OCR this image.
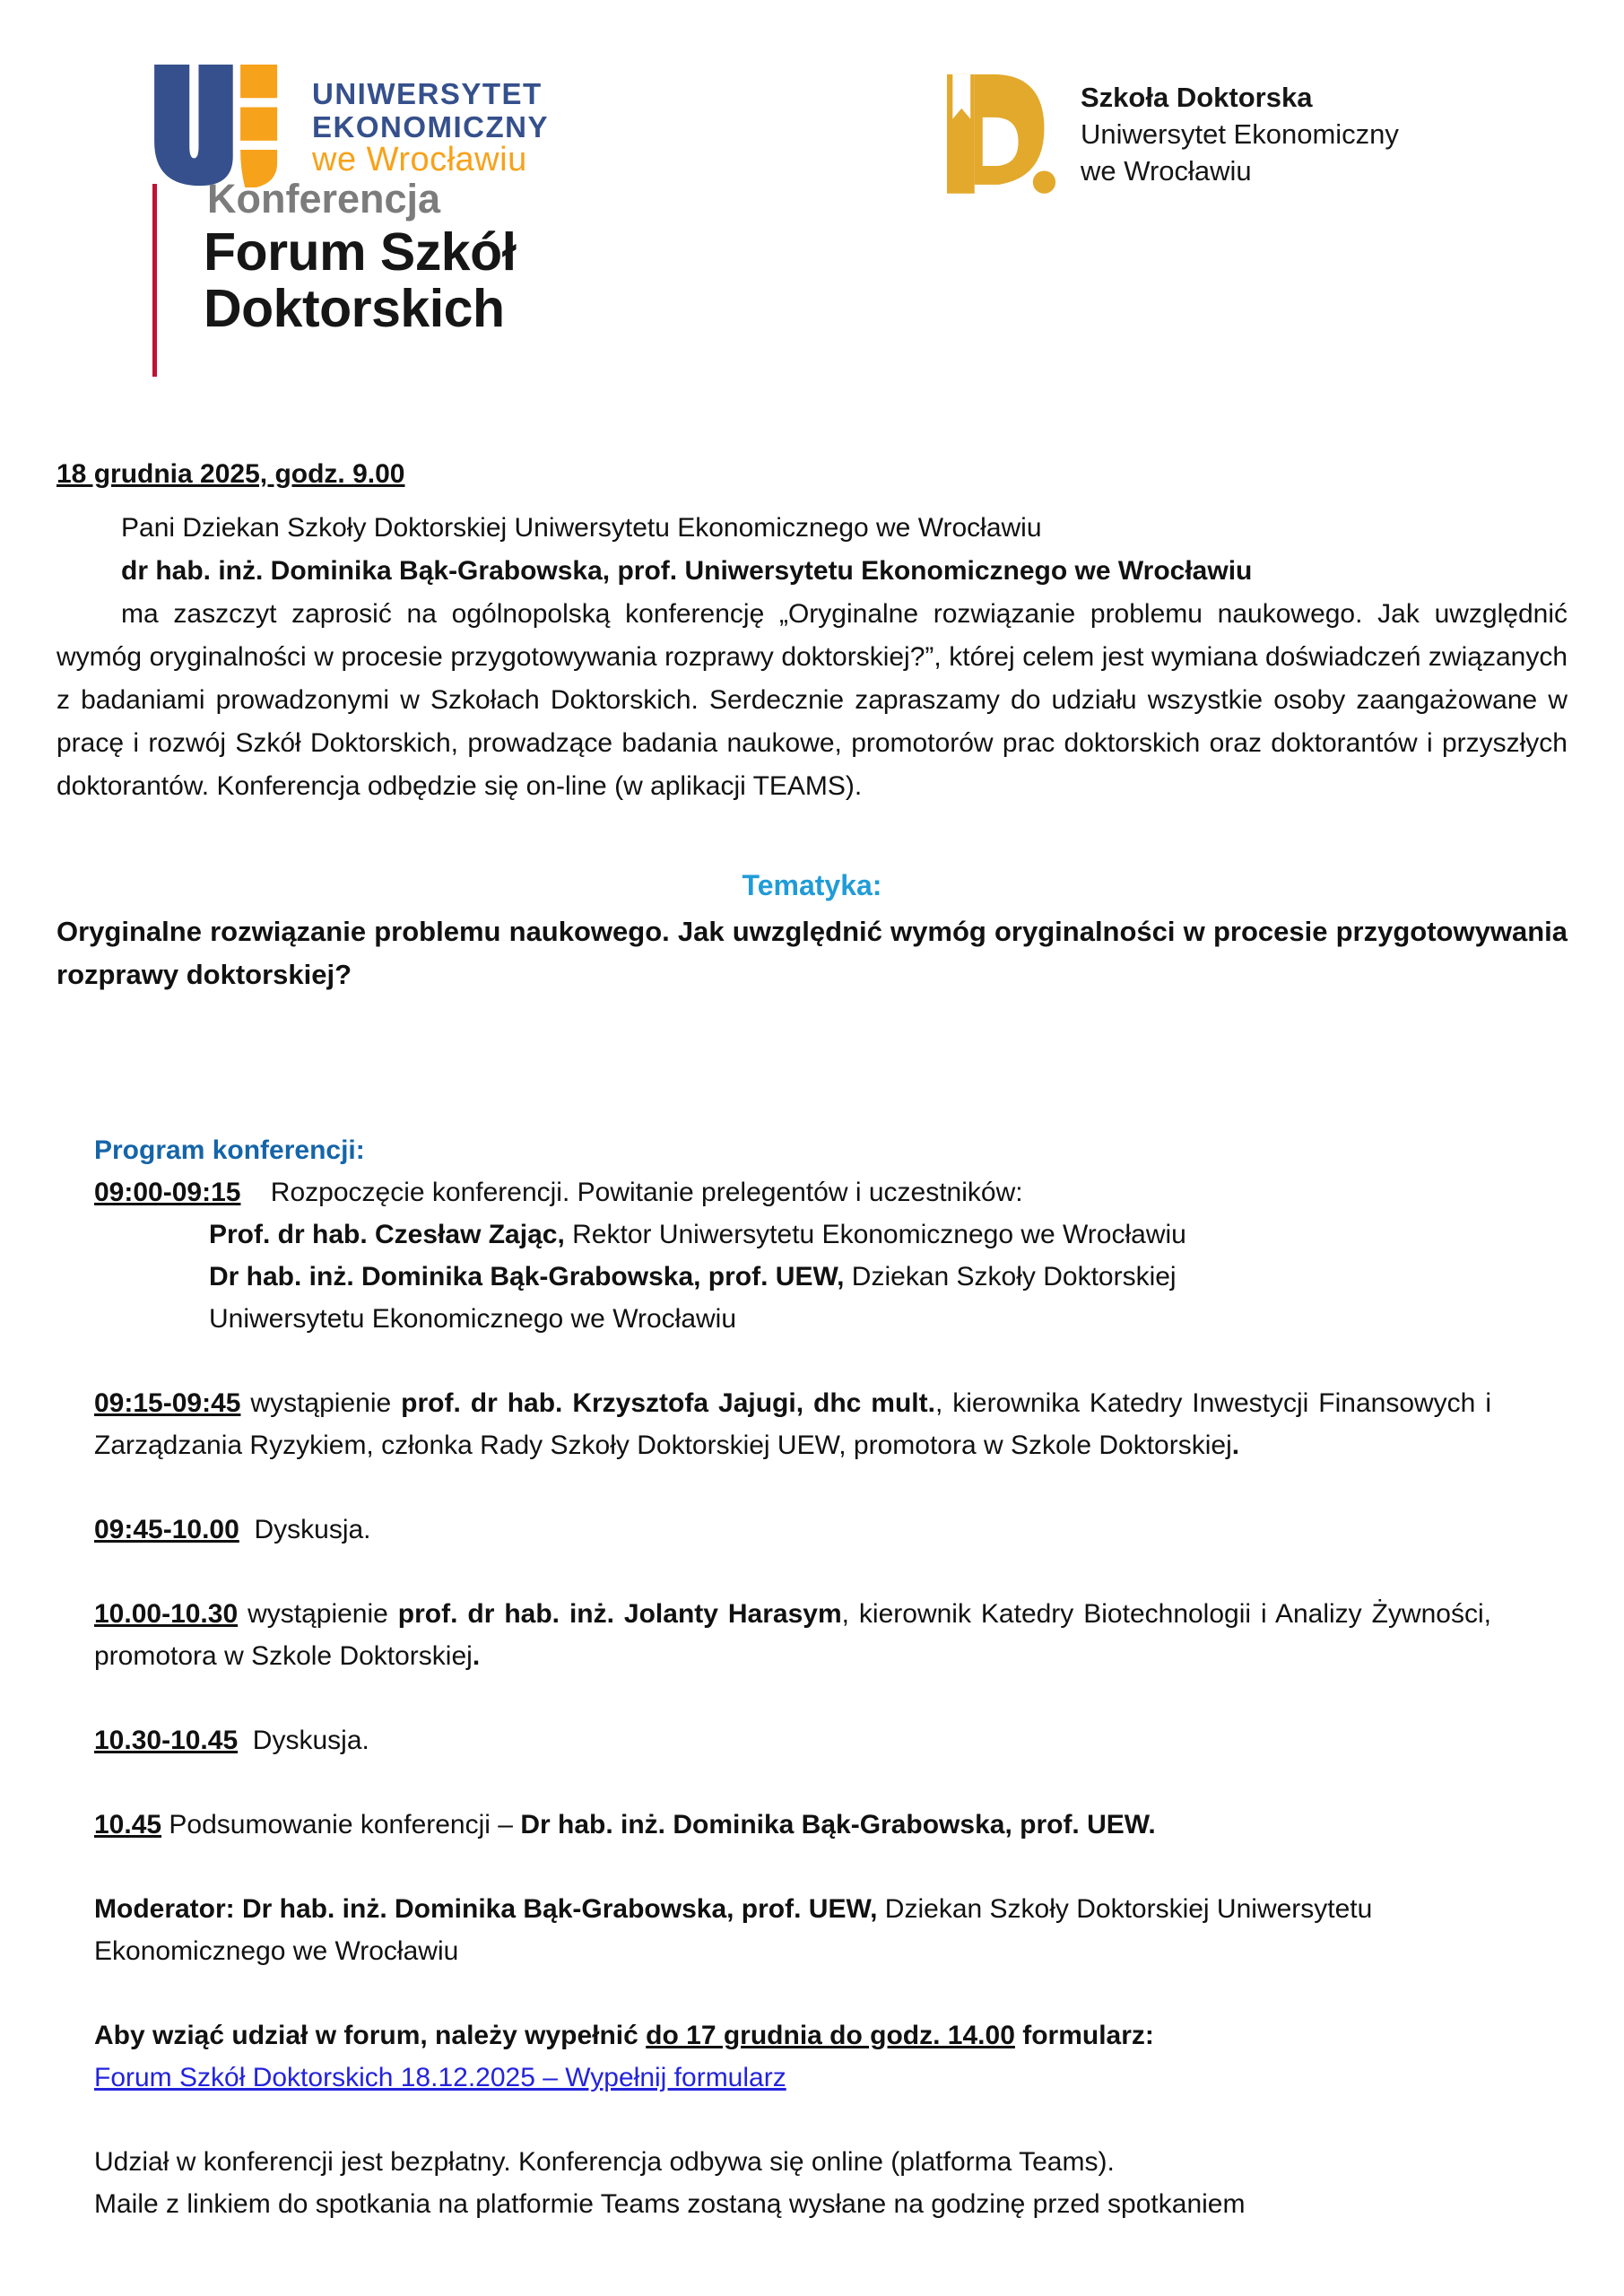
UNIWERSYTET
EKONOMICZNY
we Wrocławiu
Konferencja
Forum Szkół
Doktorskich
Szkoła Doktorska
Uniwersytet Ekonomiczny
we Wrocławiu
18 grudnia 2025, godz. 9.00
Pani Dziekan Szkoły Doktorskiej Uniwersytetu Ekonomicznego we Wrocławiu
dr hab. inż. Dominika Bąk-Grabowska, prof. Uniwersytetu Ekonomicznego we Wrocławiu

ma zaszczyt zaprosić na ogólnopolską konferencję „Oryginalne rozwiązanie problemu naukowego. Jak uwzględnić wymóg oryginalności w procesie przygotowywania rozprawy doktorskiej?”, której celem jest wymiana doświadczeń związanych z badaniami prowadzonymi w Szkołach Doktorskich. Serdecznie zapraszamy do udziału wszystkie osoby zaangażowane w pracę i rozwój Szkół Doktorskich, prowadzące badania naukowe, promotorów prac doktorskich oraz doktorantów i przyszłych doktorantów. Konferencja odbędzie się on-line (w aplikacji TEAMS).

Tematyka:
Oryginalne rozwiązanie problemu naukowego. Jak uwzględnić wymóg oryginalności w procesie przygotowywania rozprawy doktorskiej?
Program konferencji:
09:00-09:15    Rozpoczęcie konferencji. Powitanie prelegentów i uczestników:
Prof. dr hab. Czesław Zając, Rektor Uniwersytetu Ekonomicznego we Wrocławiu
Dr hab. inż. Dominika Bąk-Grabowska, prof. UEW, Dziekan Szkoły Doktorskiej
Uniwersytetu Ekonomicznego we Wrocławiu
09:15-09:45 wystąpienie prof. dr hab. Krzysztofa Jajugi, dhc mult., kierownika Katedry Inwestycji Finansowych i Zarządzania Ryzykiem, członka Rady Szkoły Doktorskiej UEW, promotora w Szkole Doktorskiej.
09:45-10.00  Dyskusja.
10.00-10.30 wystąpienie prof. dr hab. inż. Jolanty Harasym, kierownik Katedry Biotechnologii i Analizy Żywności, promotora w Szkole Doktorskiej.
10.30-10.45  Dyskusja.
10.45 Podsumowanie konferencji – Dr hab. inż. Dominika Bąk-Grabowska, prof. UEW.
Moderator: Dr hab. inż. Dominika Bąk-Grabowska, prof. UEW, Dziekan Szkoły Doktorskiej Uniwersytetu Ekonomicznego we Wrocławiu
Aby wziąć udział w forum, należy wypełnić do 17 grudnia do godz. 14.00 formularz:
Forum Szkół Doktorskich 18.12.2025 – Wypełnij formularz
Udział w konferencji jest bezpłatny. Konferencja odbywa się online (platforma Teams).
Maile z linkiem do spotkania na platformie Teams zostaną wysłane na godzinę przed spotkaniem
